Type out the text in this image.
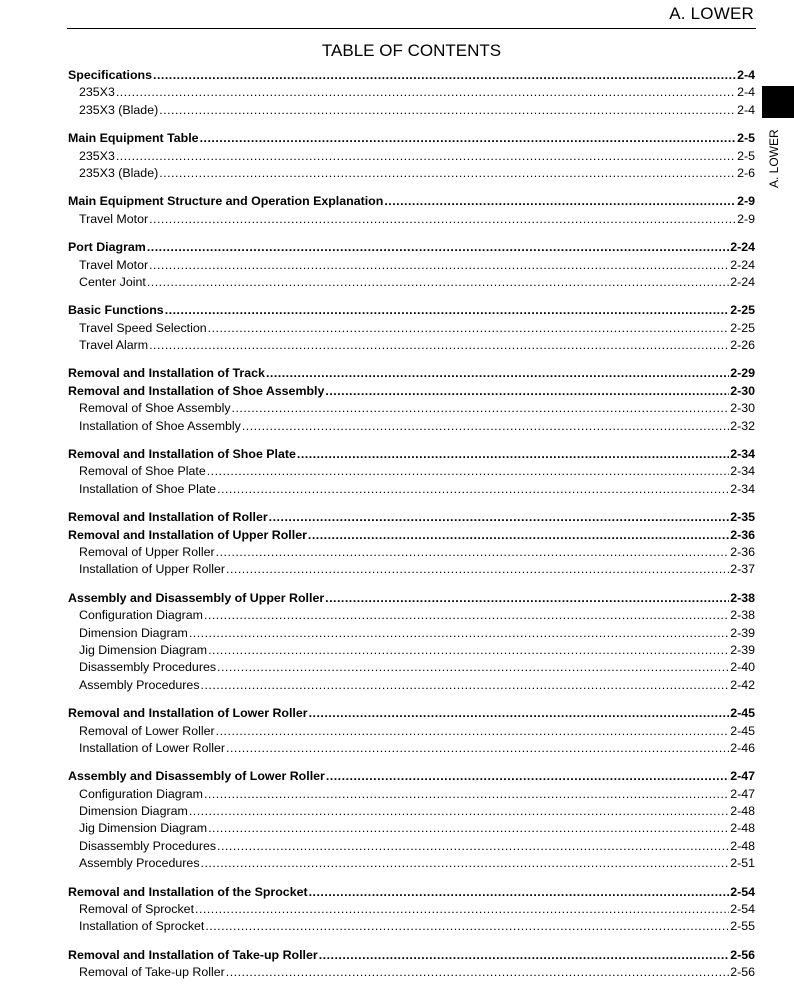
A. LOWER
A. LOWER
TABLE OF CONTENTS
Specifications .....	2-4
235X3 .....	2-4
235X3 (Blade) .....	2-4
Main Equipment Table .....	2-5
235X3 .....	2-5
235X3 (Blade) .....	2-6
Main Equipment Structure and Operation Explanation .....	2-9
Travel Motor .....	2-9
Port Diagram .....	2-24
Travel Motor .....	2-24
Center Joint .....	2-24
Basic Functions .....	2-25
Travel Speed Selection .....	2-25
Travel Alarm .....	2-26
Removal and Installation of Track .....	2-29
Removal and Installation of Shoe Assembly .....	2-30
Removal of Shoe Assembly .....	2-30
Installation of Shoe Assembly .....	2-32
Removal and Installation of Shoe Plate .....	2-34
Removal of Shoe Plate .....	2-34
Installation of Shoe Plate .....	2-34
Removal and Installation of Roller .....	2-35
Removal and Installation of Upper Roller .....	2-36
Removal of Upper Roller .....	2-36
Installation of Upper Roller .....	2-37
Assembly and Disassembly of Upper Roller .....	2-38
Configuration Diagram .....	2-38
Dimension Diagram .....	2-39
Jig Dimension Diagram .....	2-39
Disassembly Procedures .....	2-40
Assembly Procedures .....	2-42
Removal and Installation of Lower Roller .....	2-45
Removal of Lower Roller .....	2-45
Installation of Lower Roller .....	2-46
Assembly and Disassembly of Lower Roller .....	2-47
Configuration Diagram .....	2-47
Dimension Diagram .....	2-48
Jig Dimension Diagram .....	2-48
Disassembly Procedures .....	2-48
Assembly Procedures .....	2-51
Removal and Installation of the Sprocket .....	2-54
Removal of Sprocket .....	2-54
Installation of Sprocket .....	2-55
Removal and Installation of Take-up Roller .....	2-56
Removal of Take-up Roller .....	2-56
